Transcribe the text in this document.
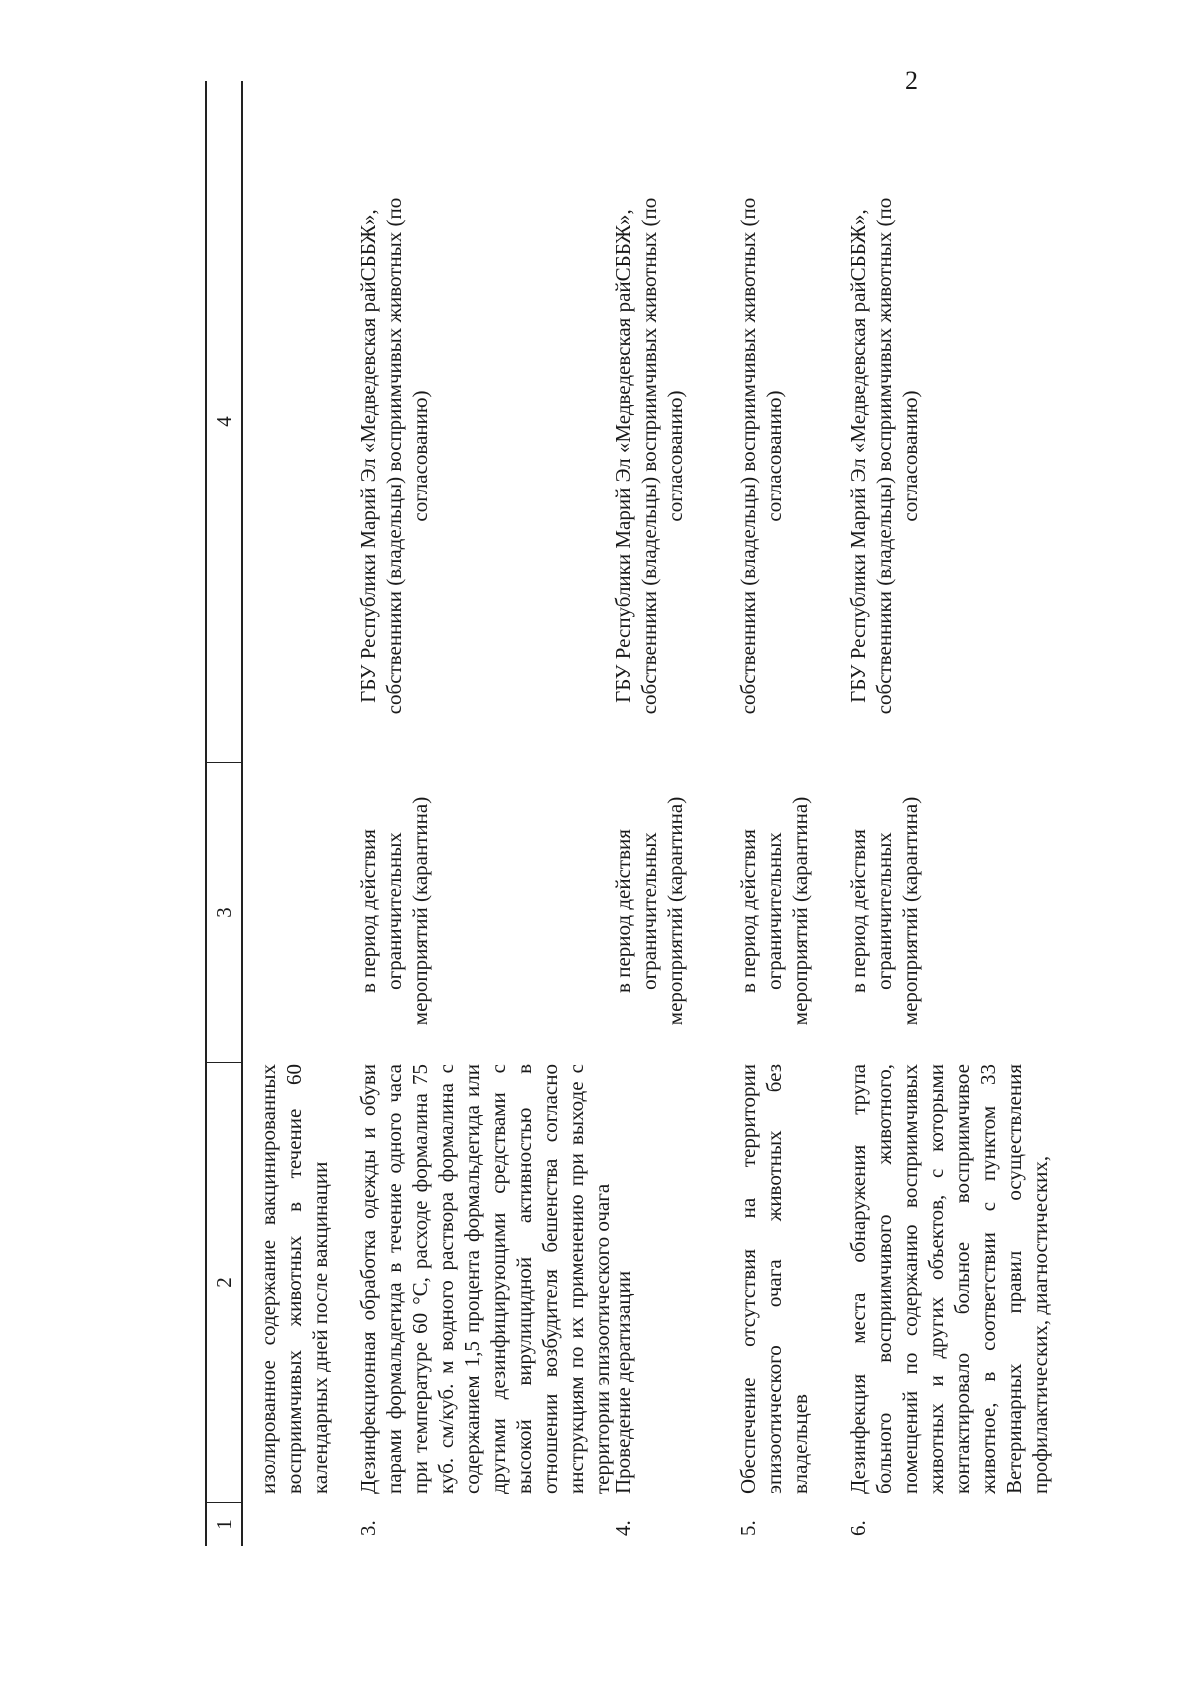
2
1
2
3
4
изолированное содержание вакцинированных восприимчивых животных в течение 60 календарных дней после вакцинации
3.
Дезинфекционная обработка одежды и обуви парами формальдегида в течение одного часа при температуре 60 °С, расходе формалина 75 куб. см/куб. м водного раствора формалина с содержанием 1,5 процента формальдегида или другими дезинфицирующими средствами с высокой вирулицидной активностью в отношении возбудителя бешенства согласно инструкциям по их применению при выходе с территории эпизоотического очага
в период действия ограничительных мероприятий (карантина)
ГБУ Республики Марий Эл «Медведевская райСББЖ», собственники (владельцы) восприимчивых животных (по согласованию)
4.
Проведение дератизации
в период действия ограничительных мероприятий (карантина)
ГБУ Республики Марий Эл «Медведевская райСББЖ», собственники (владельцы) восприимчивых животных (по согласованию)
5.
Обеспечение отсутствия на территории эпизоотического очага животных без владельцев
в период действия ограничительных мероприятий (карантина)
собственники (владельцы) восприимчивых животных (по согласованию)
6.
Дезинфекция места обнаружения трупа больного восприимчивого животного, помещений по содержанию восприимчивых животных и других объектов, с которыми контактировало больное восприимчивое животное, в соответствии с пунктом 33 Ветеринарных правил осуществления профилактических, диагностических,
в период действия ограничительных мероприятий (карантина)
ГБУ Республики Марий Эл «Медведевская райСББЖ», собственники (владельцы) восприимчивых животных (по согласованию)
